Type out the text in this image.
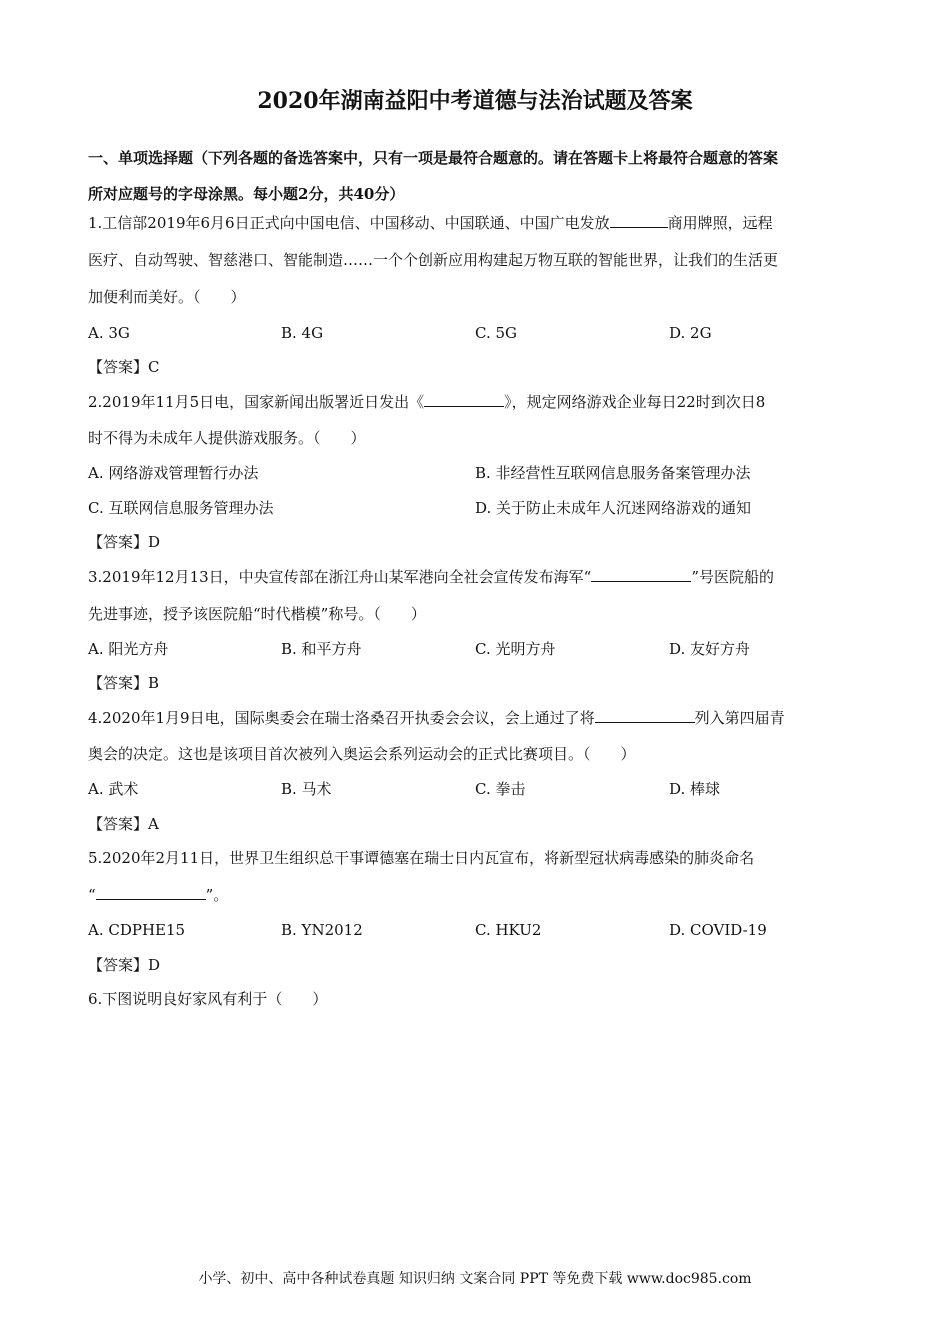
2020年湖南益阳中考道德与法治试题及答案
一、单项选择题（下列各题的备选答案中，只有一项是最符合题意的。请在答题卡上将最符合题意的答案
所对应题号的字母涂黑。每小题2分，共40分）
1.工信部2019年6月6日正式向中国电信、中国移动、中国联通、中国广电发放	商用牌照，远程
医疗、自动驾驶、智慈港口、智能制造……一个个创新应用构建起万物互联的智能世界，让我们的生活更
加便利而美好。（　　）
A. 3G	B. 4G	C. 5G	D. 2G
【答案】C
2.2019年11月5日电，国家新闻出版署近日发出《	》，规定网络游戏企业每日22时到次日8
时不得为未成年人提供游戏服务。（　　）
A. 网络游戏管理暂行办法	B. 非经营性互联网信息服务备案管理办法
C. 互联网信息服务管理办法	D. 关于防止未成年人沉迷网络游戏的通知
【答案】D
3.2019年12月13日，中央宣传部在浙江舟山某军港向全社会宣传发布海军“	”号医院船的
先进事迹，授予该医院船“时代楷模”称号。（　　）
A. 阳光方舟	B. 和平方舟	C. 光明方舟	D. 友好方舟
【答案】B
4.2020年1月9日电，国际奥委会在瑞士洛桑召开执委会会议，会上通过了将	列入第四届青
奥会的决定。这也是该项目首次被列入奥运会系列运动会的正式比赛项目。（　　）
A. 武术	B. 马术	C. 拳击	D. 棒球
【答案】A
5.2020年2月11日，世界卫生组织总干事谭德塞在瑞士日内瓦宣布，将新型冠状病毒感染的肺炎命名
“	”。
A. CDPHE15	B. YN2012	C. HKU2	D. COVID-19
【答案】D
6.下图说明良好家风有利于（　　）
小学、初中、高中各种试卷真题 知识归纳 文案合同 PPT 等免费下载 www.doc985.com
